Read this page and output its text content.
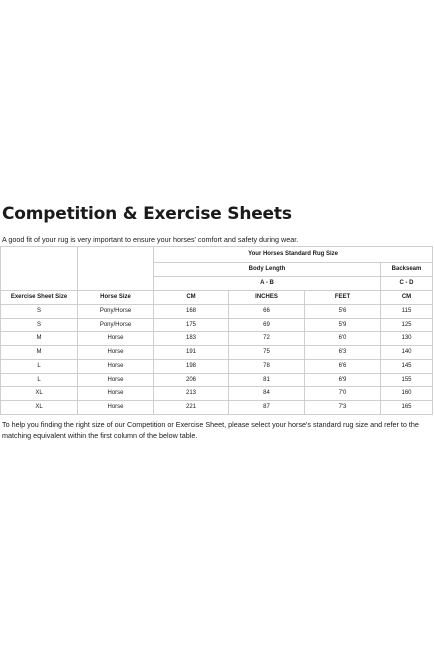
Competition & Exercise Sheets

A good fit of your rug is very important to ensure your horses' comfort and safety during wear.

		Your Horses Standard Rug Size			
		Body Length			Backseam
		A - B			C - D
Exercise Sheet Size	Horse Size	CM	INCHES	FEET	CM
S	Pony/Horse	168	66	5'6	115
S	Pony/Horse	175	69	5'9	125
M	Horse	183	72	6'0	130
M	Horse	191	75	6'3	140
L	Horse	198	78	6'6	145
L	Horse	206	81	6'9	155
XL	Horse	213	84	7'0	160
XL	Horse	221	87	7'3	165

To help you finding the right size of our Competition or Exercise Sheet, please select your horse's standard rug size and refer to the matching equivalent within the first column of the below table.
